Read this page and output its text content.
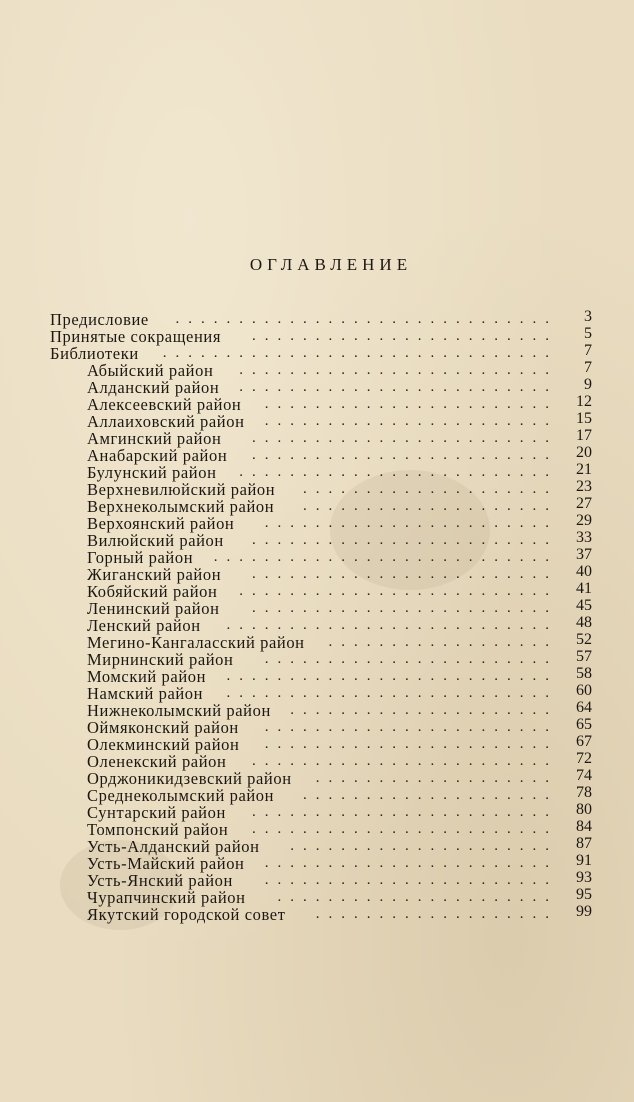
ОГЛАВЛЕНИЕ
Предисловие ..............................	3
Принятые сокращения ........................	5
Библиотеки ...............................	7
Абыйский район .........................	7
Алданский район .........................	9
Алексеевский район .......................	12
Аллаиховский район .......................	15
Амгинский район ........................	17
Анабарский район ........................	20
Булунский район .........................	21
Верхневилюйский район ....................	23
Верхнеколымский район ....................	27
Верхоянский район .......................	29
Вилюйский район ........................	33
Горный район ...........................	37
Жиганский район ........................	40
Кобяйский район .........................	41
Ленинский район ........................	45
Ленский район ..........................	48
Мегино-Кангаласский район ..................	52
Мирнинский район .......................	57
Момский район ..........................	58
Намский район ..........................	60
Нижнеколымский район .....................	64
Оймяконский район .......................	65
Олекминский район .......................	67
Оленекский район ........................	72
Орджоникидзевский район ...................	74
Среднеколымский район ....................	78
Сунтарский район ........................	80
Томпонский район ........................	84
Усть-Алданский район .....................	87
Усть-Майский район .......................	91
Усть-Янский район .......................	93
Чурапчинский район ......................	95
Якутский городской совет ...................	99
